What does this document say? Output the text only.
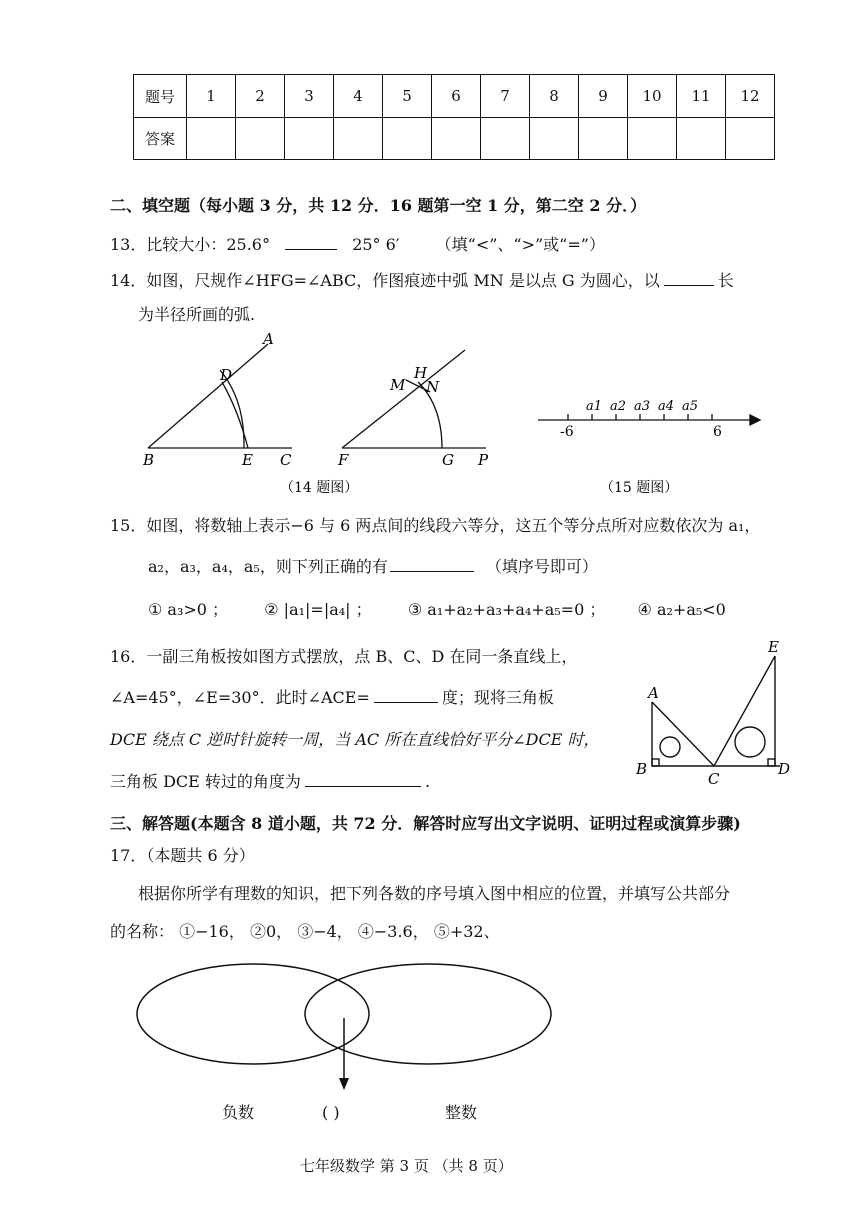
题号	1	2	3	4	5	6	7	8	9	10	11	12
答案												
二、填空题（每小题 3 分，共 12 分．16 题第一空 1 分，第二空 2 分．）
13．比较大小：25.6°	25° 6′ （填“<”、“>”或“=”）
14．如图，尺规作∠HFG=∠ABC，作图痕迹中弧 MN 是以点 G 为圆心，以	长
为半径所画的弧.
A
D
B	E C
M
H
N
F	G P
（14 题图）
-6	6
a1 a2 a3 a4 a5
（15 题图）
15．如图，将数轴上表示−6 与 6 两点间的线段六等分，这五个等分点所对应数依次为 a₁，
a₂，a₃，a₄，a₅，则下列正确的有	（填序号即可）
① a₃>0 ； ② |a₁|=|a₄| ； ③ a₁+a₂+a₃+a₄+a₅=0 ； ④ a₂+a₅<0
16．一副三角板按如图方式摆放，点 B、C、D 在同一条直线上，
∠A=45°，∠E=30°．此时∠ACE=	度；现将三角板
DCE 绕点 C 逆时针旋转一周，当 AC 所在直线恰好平分∠DCE 时，
三角板 DCE 转过的角度为	.
A
B
C
D
E
三、解答题(本题含 8 道小题，共 72 分．解答时应写出文字说明、证明过程或演算步骤)
17．（本题共 6 分）
根据你所学有理数的知识，把下列各数的序号填入图中相应的位置，并填写公共部分
的名称： ①−16， ②0， ③−4， ④−3.6， ⑤+32、
负数	( )	整数
七年级数学 第 3 页 （共 8 页）
